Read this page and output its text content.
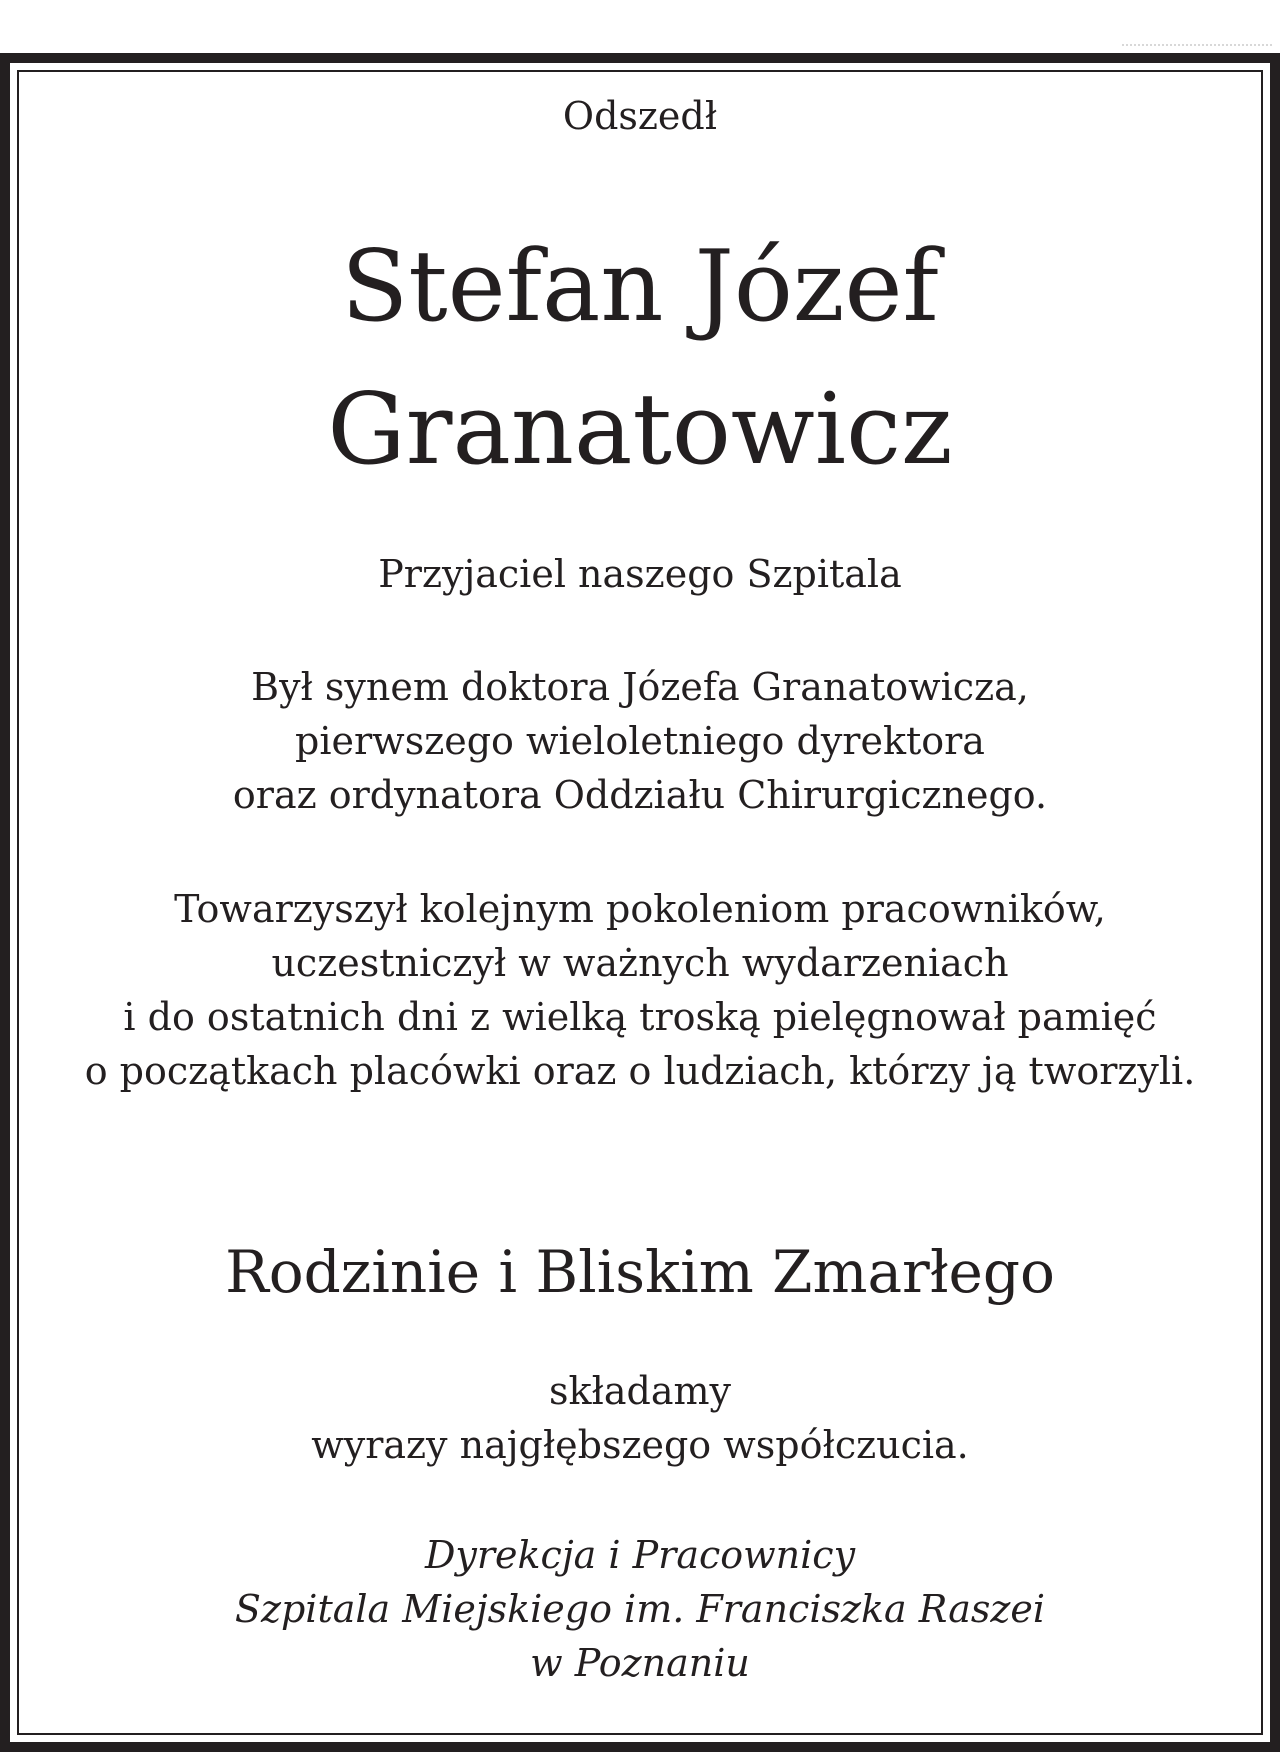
Odszedł
Stefan Józef
Granatowicz
Przyjaciel naszego Szpitala
Był synem doktora Józefa Granatowicza,
pierwszego wieloletniego dyrektora
oraz ordynatora Oddziału Chirurgicznego.
Towarzyszył kolejnym pokoleniom pracowników,
uczestniczył w ważnych wydarzeniach
i do ostatnich dni z wielką troską pielęgnował pamięć
o początkach placówki oraz o ludziach, którzy ją tworzyli.
Rodzinie i Bliskim Zmarłego
składamy
wyrazy najgłębszego współczucia.
Dyrekcja i Pracownicy
Szpitala Miejskiego im. Franciszka Raszei
w Poznaniu
